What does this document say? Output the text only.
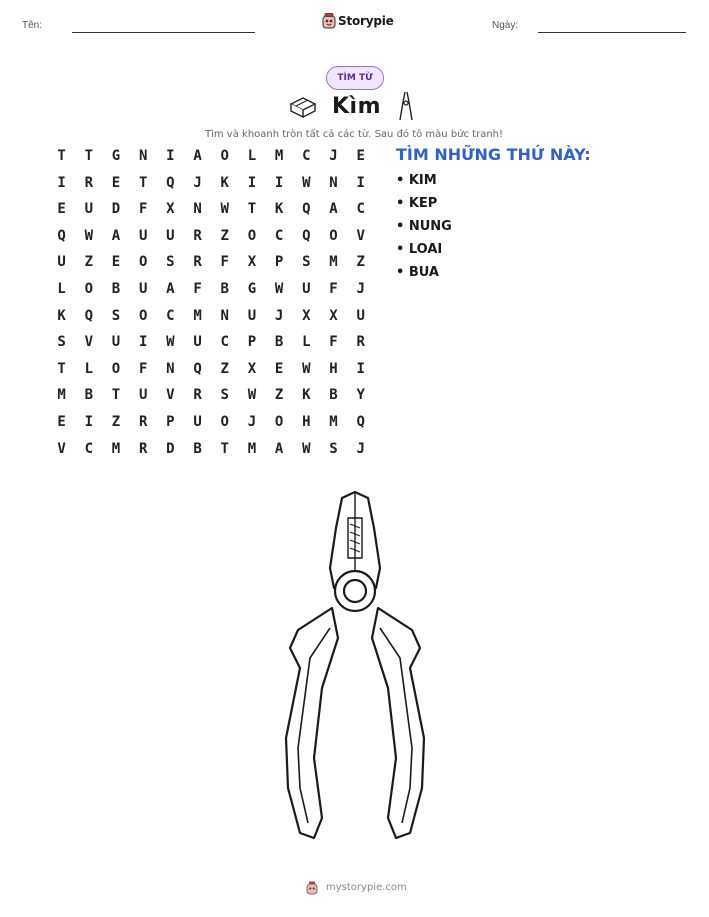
Tên:	Storypie	Ngày:
TÌM TỪ
Kìm
Tìm và khoanh tròn tất cả các từ. Sau đó tô màu bức tranh!
T	T	G	N	I	A	O	L	M	C	J	E
I	R	E	T	Q	J	K	I	I	W	N	I
E	U	D	F	X	N	W	T	K	Q	A	C
Q	W	A	U	U	R	Z	O	C	Q	O	V
U	Z	E	O	S	R	F	X	P	S	M	Z
L	O	B	U	A	F	B	G	W	U	F	J
K	Q	S	O	C	M	N	U	J	X	X	U
S	V	U	I	W	U	C	P	B	L	F	R
T	L	O	F	N	Q	Z	X	E	W	H	I
M	B	T	U	V	R	S	W	Z	K	B	Y
E	I	Z	R	P	U	O	J	O	H	M	Q
V	C	M	R	D	B	T	M	A	W	S	J
TÌM NHỮNG THỨ NÀY:
• KIM
• KEP
• NUNG
• LOAI
• BUA
mystorypie.com
